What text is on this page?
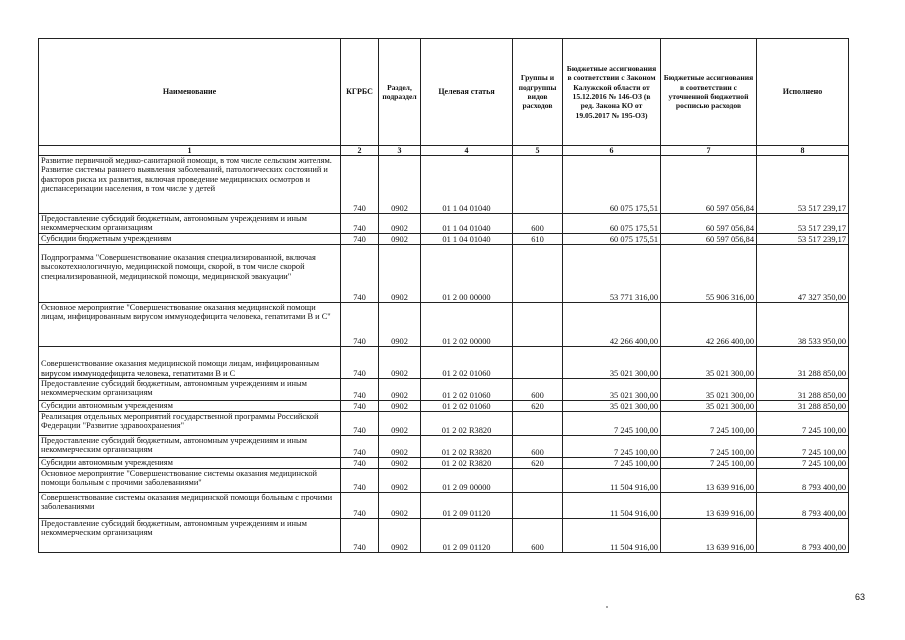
Наименование	КГРБС	Раздел, подраздел	Целевая статья	Группы и подгруппы видов расходов	Бюджетные ассигнования в соответствии с Законом Калужской области от 15.12.2016 № 146-ОЗ (в ред. Закона КО от 19.05.2017 № 195-ОЗ)	Бюджетные ассигнования в соответствии с уточненной бюджетной росписью расходов	Исполнено
1	2	3	4	5	6	7	8
Развитие первичной медико-санитарной помощи, в том числе сельским жителям. Развитие системы раннего выявления заболеваний, патологических состояний и факторов риска их развития, включая проведение медицинских осмотров и диспансеризации населения, в том числе у детей	740	0902	01 1 04 01040		60 075 175,51	60 597 056,84	53 517 239,17
Предоставление субсидий бюджетным, автономным учреждениям и иным некоммерческим организациям	740	0902	01 1 04 01040	600	60 075 175,51	60 597 056,84	53 517 239,17
Субсидии бюджетным учреждениям	740	0902	01 1 04 01040	610	60 075 175,51	60 597 056,84	53 517 239,17
Подпрограмма "Совершенствование оказания специализированной, включая высокотехнологичную, медицинской помощи, скорой, в том числе скорой специализированной, медицинской помощи, медицинской эвакуации"	740	0902	01 2 00 00000		53 771 316,00	55 906 316,00	47 327 350,00
Основное мероприятие "Совершенствование оказания медицинской помощи лицам, инфицированным вирусом иммунодефицита человека, гепатитами В и С"	740	0902	01 2 02 00000		42 266 400,00	42 266 400,00	38 533 950,00
Совершенствование оказания медицинской помощи лицам, инфицированным вирусом иммунодефицита человека, гепатитами В и С	740	0902	01 2 02 01060		35 021 300,00	35 021 300,00	31 288 850,00
Предоставление субсидий бюджетным, автономным учреждениям и иным некоммерческим организациям	740	0902	01 2 02 01060	600	35 021 300,00	35 021 300,00	31 288 850,00
Субсидии автономным учреждениям	740	0902	01 2 02 01060	620	35 021 300,00	35 021 300,00	31 288 850,00
Реализация отдельных мероприятий государственной программы Российской Федерации "Развитие здравоохранения"	740	0902	01 2 02 R3820		7 245 100,00	7 245 100,00	7 245 100,00
Предоставление субсидий бюджетным, автономным учреждениям и иным некоммерческим организациям	740	0902	01 2 02 R3820	600	7 245 100,00	7 245 100,00	7 245 100,00
Субсидии автономным учреждениям	740	0902	01 2 02 R3820	620	7 245 100,00	7 245 100,00	7 245 100,00
Основное мероприятие "Совершенствование системы оказания медицинской помощи больным с прочими заболеваниями"	740	0902	01 2 09 00000		11 504 916,00	13 639 916,00	8 793 400,00
Совершенствование системы оказания медицинской помощи больным с прочими заболеваниями	740	0902	01 2 09 01120		11 504 916,00	13 639 916,00	8 793 400,00
Предоставление субсидий бюджетным, автономным учреждениям и иным некоммерческим организациям	740	0902	01 2 09 01120	600	11 504 916,00	13 639 916,00	8 793 400,00
63
